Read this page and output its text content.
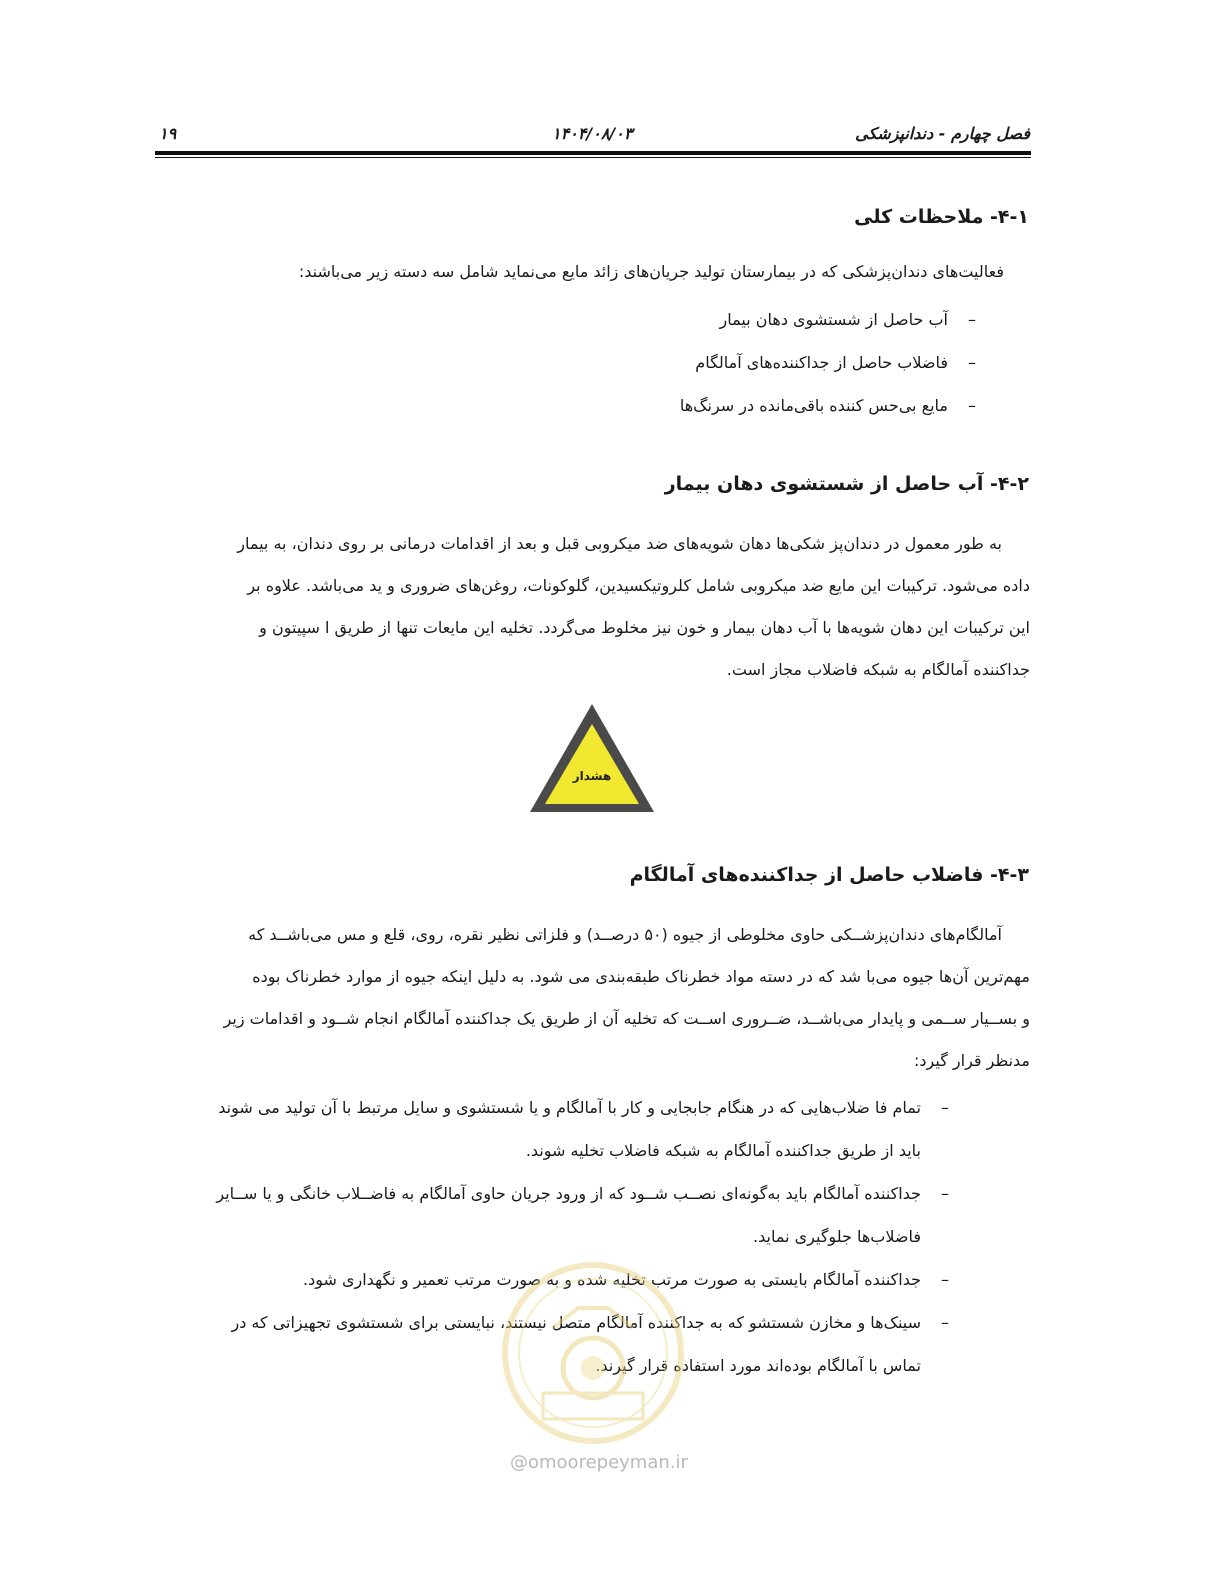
فصل چهارم - دندانپزشکی
۱۴۰۴/۰۸/۰۳
۱۹
۴-۱- ملاحظات کلی
فعالیت‌های دندان‌پزشکی که در بیمارستان تولید جریان‌های زائد مایع می‌نماید شامل سه دسته زیر می‌باشند:
–
آب حاصل از شستشوی دهان بیمار
–
فاضلاب حاصل از جداکننده‌های آمالگام
–
مایع بی‌حس کننده باقی‌مانده در سرنگ‌ها
۴-۲- آب حاصل از شستشوی دهان بیمار
به طور معمول در دندان‌پز شکی‌ها دهان شویه‌های ضد میکروبی قبل و بعد از اقدامات درمانی بر روی دندان، به بیمار
داده می‌شود. ترکیبات این مایع ضد میکروبی شامل کلروتیکسیدین، گلوکونات، روغن‌های ضروری و ید می‌باشد. علاوه بر
این ترکیبات این دهان شویه‌ها با آب دهان بیمار و خون نیز مخلوط می‌گردد. تخلیه این مایعات تنها از طریق ا سپیتون و
جداکننده آمالگام به شبکه فاضلاب مجاز است.
هشدار
۴-۳- فاضلاب حاصل از جداکننده‌های آمالگام
آمالگام‌های دندان‌پزشــکی حاوی مخلوطی از جیوه (۵۰ درصــد) و فلزاتی نظیر نقره، روی، قلع و مس می‌باشــد که
مهم‌ترین آن‌ها جیوه می‌با شد که در دسته مواد خطرناک طبقه‌بندی می شود. به دلیل اینکه جیوه از موارد خطرناک بوده
و بســیار ســمی و پایدار می‌باشــد، ضــروری اســت که تخلیه آن از طریق یک جداکننده آمالگام انجام شــود و اقدامات زیر
مدنظر قرار گیرد:
–
تمام فا ضلاب‌هایی که در هنگام جابجایی و کار با آمالگام و یا شستشوی و سایل مرتبط با آن تولید می شوند
باید از طریق جداکننده آمالگام به شبکه فاضلاب تخلیه شوند.
–
جداکننده آمالگام باید به‌گونه‌ای نصــب شــود که از ورود جریان حاوی آمالگام به فاضــلاب خانگی و یا ســایر
فاضلاب‌ها جلوگیری نماید.
–
جداکننده آمالگام بایستی به صورت مرتب تخلیه شده و به صورت مرتب تعمیر و نگهداری شود.
–
سینک‌ها و مخازن شستشو که به جداکننده آمالگام متصل نیستند، نبایستی برای شستشوی تجهیزاتی که در
تماس با آمالگام بوده‌اند مورد استفاده قرار گیرند.
@omoorepeyman.ir
